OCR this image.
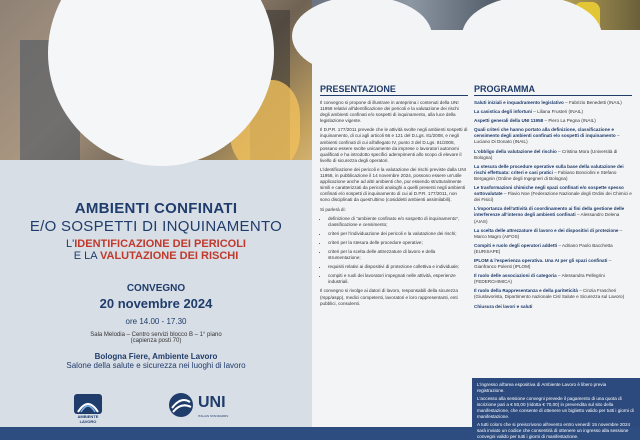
AMBIENTI CONFINATI
E/O SOSPETTI DI INQUINAMENTO
L'IDENTIFICAZIONE DEI PERICOLI
E LA VALUTAZIONE DEI RISCHI
CONVEGNO
20 novembre 2024
ore 14.00 - 17.30
Sala Melodia – Centro servizi blocco B – 1° piano
(capienza posti 70)
Bologna Fiere, Ambiente Lavoro
Salone della salute e sicurezza nei luoghi di lavoro
AMBIENTE LAVORO
UNI
ITALIAN STANDARDS
PRESENTAZIONE	PROGRAMMA

Il convegno si propone di illustrare in anteprima i contenuti della UNI 11958 relativi all'identificazione dei pericoli e la valutazione dei rischi degli ambienti confinati e/o sospetti di inquinamento, alla luce della legislazione vigente.

Il D.P.R. 177/2011 prevede che le attività svolte negli ambienti sospetti di inquinamento, di cui agli articoli 66 e 121 del D.Lgs. 81/2008, e negli ambienti confinati di cui all'allegato IV, punto 3 del D.Lgs. 81/2008, possano essere svolte unicamente da imprese o lavoratori autonomi qualificati e ha introdotto specifici adempimenti allo scopo di elevare il livello di sicurezza degli operatori.

L'identificazione dei pericoli e la valutazione dei rischi previste dalla UNI 11958, in pubblicazione il 14 novembre 2024, possono essere un'utile applicazione anche ad altri ambienti che, pur essendo strutturalmente simili e caratterizzati da pericoli analoghi a quelli presenti negli ambienti confinati e/o sospetti di inquinamento di cui al D.P.R. 177/2011, non sono disciplinati da quest'ultimo (cosiddetti ambienti assimilabili).

Si parlerà di:

• definizione di “ambiente confinato e/o sospetto di inquinamento”, classificazione e censimento;
• criteri per l'individuazione dei pericoli e la valutazione dei rischi;
• criteri per la stesura delle procedure operative;
• criteri per la scelta delle attrezzature di lavoro e della strumentazione;
• requisiti relativi ai dispositivi di protezione collettiva e individuale;
• compiti e ruoli dei lavoratori impegnati nelle attività, esperienze industriali.

Il convegno si rivolge ai datori di lavoro, responsabili della sicurezza (rspp/aspp), medici competenti, lavoratori e loro rappresentanti, enti pubblici, consulenti.

Saluti iniziali e inquadramento legislativo – Fabrizio Benedetti (INAIL)
La casistica degli infortuni – Liliana Frusteri (INAIL)
Aspetti generali della UNI 11958 – Piero La Pegna (INAIL)
Quali criteri che hanno portato alla definizione, classificazione e censimento degli ambienti confinati e/o sospetti di inquinamento – Luciano Di Donato (INAIL)
L'obbligo della valutazione del rischio – Cristina Mora (Università di Bologna)
La stesura delle procedure operative sulla base della valutazione dei rischi effettuata: criteri e casi pratici – Fabiano Bonciolini e Stefano Bergagnin (Ordine degli Ingegneri di Bologna)
Le trasformazioni chimiche negli spazi confinati e/o sospette spesso sottovalutate – Flavio Noe (Federazione Nazionale degli Ordini dei Chimici e dei Fisici)
L'importanza dell'attività di coordinamento ai fini della gestione delle interferenze all'interno degli ambienti confinati – Alessandro Delena (AIAS)
La scelta delle attrezzature di lavoro e dei dispositivi di protezione – Marco Magro (AIFOS)
Compiti e ruolo degli operatori addetti – Adriano Paolo Bacchetta (EURISAPE)
IPLOM & l'esperienza operativa. Una AI per gli spazi confinati – Gianfranco Polenti (IPLOM)
Il ruolo delle associazioni di categoria – Alessandra Pellegrini (FEDERCHIMICA)
Il ruolo della Rappresentanza e della pariteticità – Cinzia Frascheri (Giuslavorista, Dipartimento nazionale Cisl Salute e Sicurezza sul Lavoro)
Chiusura dei lavori e saluti

L'ingresso all'area espositiva di Ambiente Lavoro è libero previa registrazione.

L'accesso alla sessione convegni prevede il pagamento di una quota di iscrizione pari a € 50,00 (ridotta € 70,00) in prevendita sul sito della manifestazione, che consente di ottenere un biglietto valido per tutti i giorni di manifestazione.

A tutti coloro che si preiscrivono all'evento entro venerdì 15 novembre 2024 sarà inviato un codice che consentirà di ottenere un ingresso alla sessione convegni valido per tutti i giorni di manifestazione.
